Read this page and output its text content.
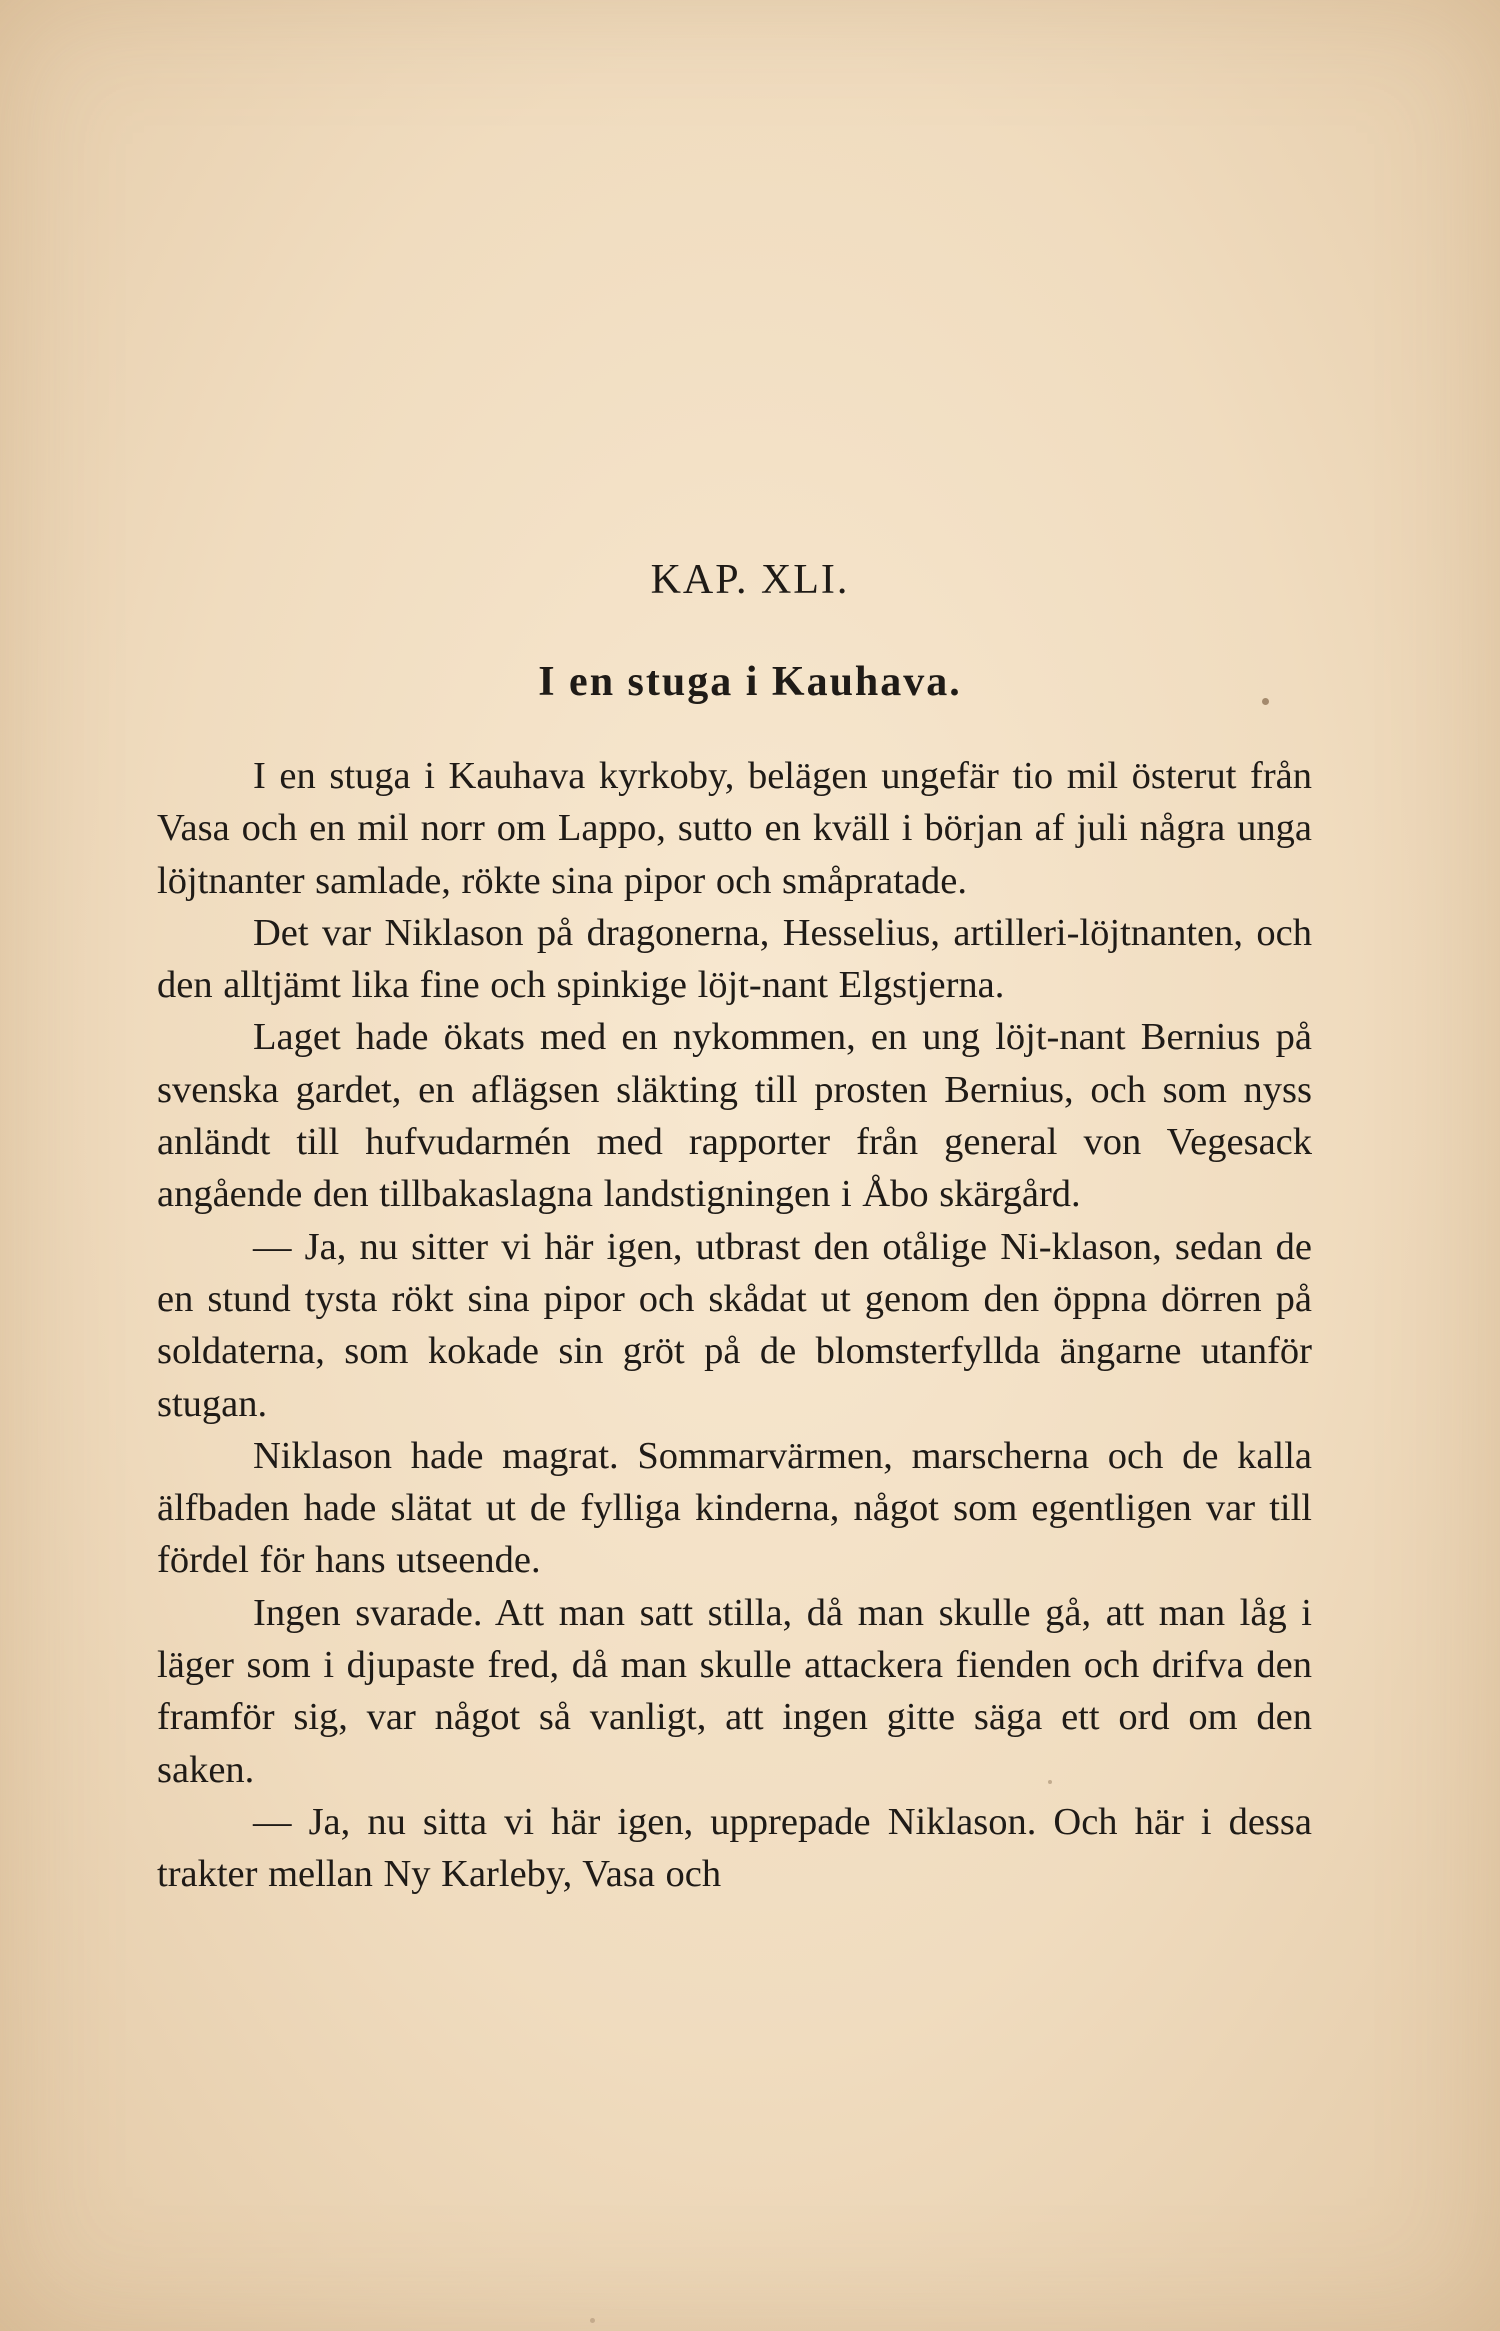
KAP. XLI.
I en stuga i Kauhava.

I en stuga i Kauhava kyrkoby, belägen ungefär tio mil österut från Vasa och en mil norr om Lappo, sutto en kväll i början af juli några unga löjtnanter samlade, rökte sina pipor och småpratade.

Det var Niklason på dragonerna, Hesselius, artilleri-löjtnanten, och den alltjämt lika fine och spinkige löjt-nant Elgstjerna.

Laget hade ökats med en nykommen, en ung löjt-nant Bernius på svenska gardet, en aflägsen släkting till prosten Bernius, och som nyss anländt till hufvudarmén med rapporter från general von Vegesack angående den tillbakaslagna landstigningen i Åbo skärgård.

— Ja, nu sitter vi här igen, utbrast den otålige Ni-klason, sedan de en stund tysta rökt sina pipor och skådat ut genom den öppna dörren på soldaterna, som kokade sin gröt på de blomsterfyllda ängarne utanför stugan.

Niklason hade magrat. Sommarvärmen, marscherna och de kalla älfbaden hade slätat ut de fylliga kinderna, något som egentligen var till fördel för hans utseende.

Ingen svarade. Att man satt stilla, då man skulle gå, att man låg i läger som i djupaste fred, då man skulle attackera fienden och drifva den framför sig, var något så vanligt, att ingen gitte säga ett ord om den saken.

— Ja, nu sitta vi här igen, upprepade Niklason. Och här i dessa trakter mellan Ny Karleby, Vasa och
